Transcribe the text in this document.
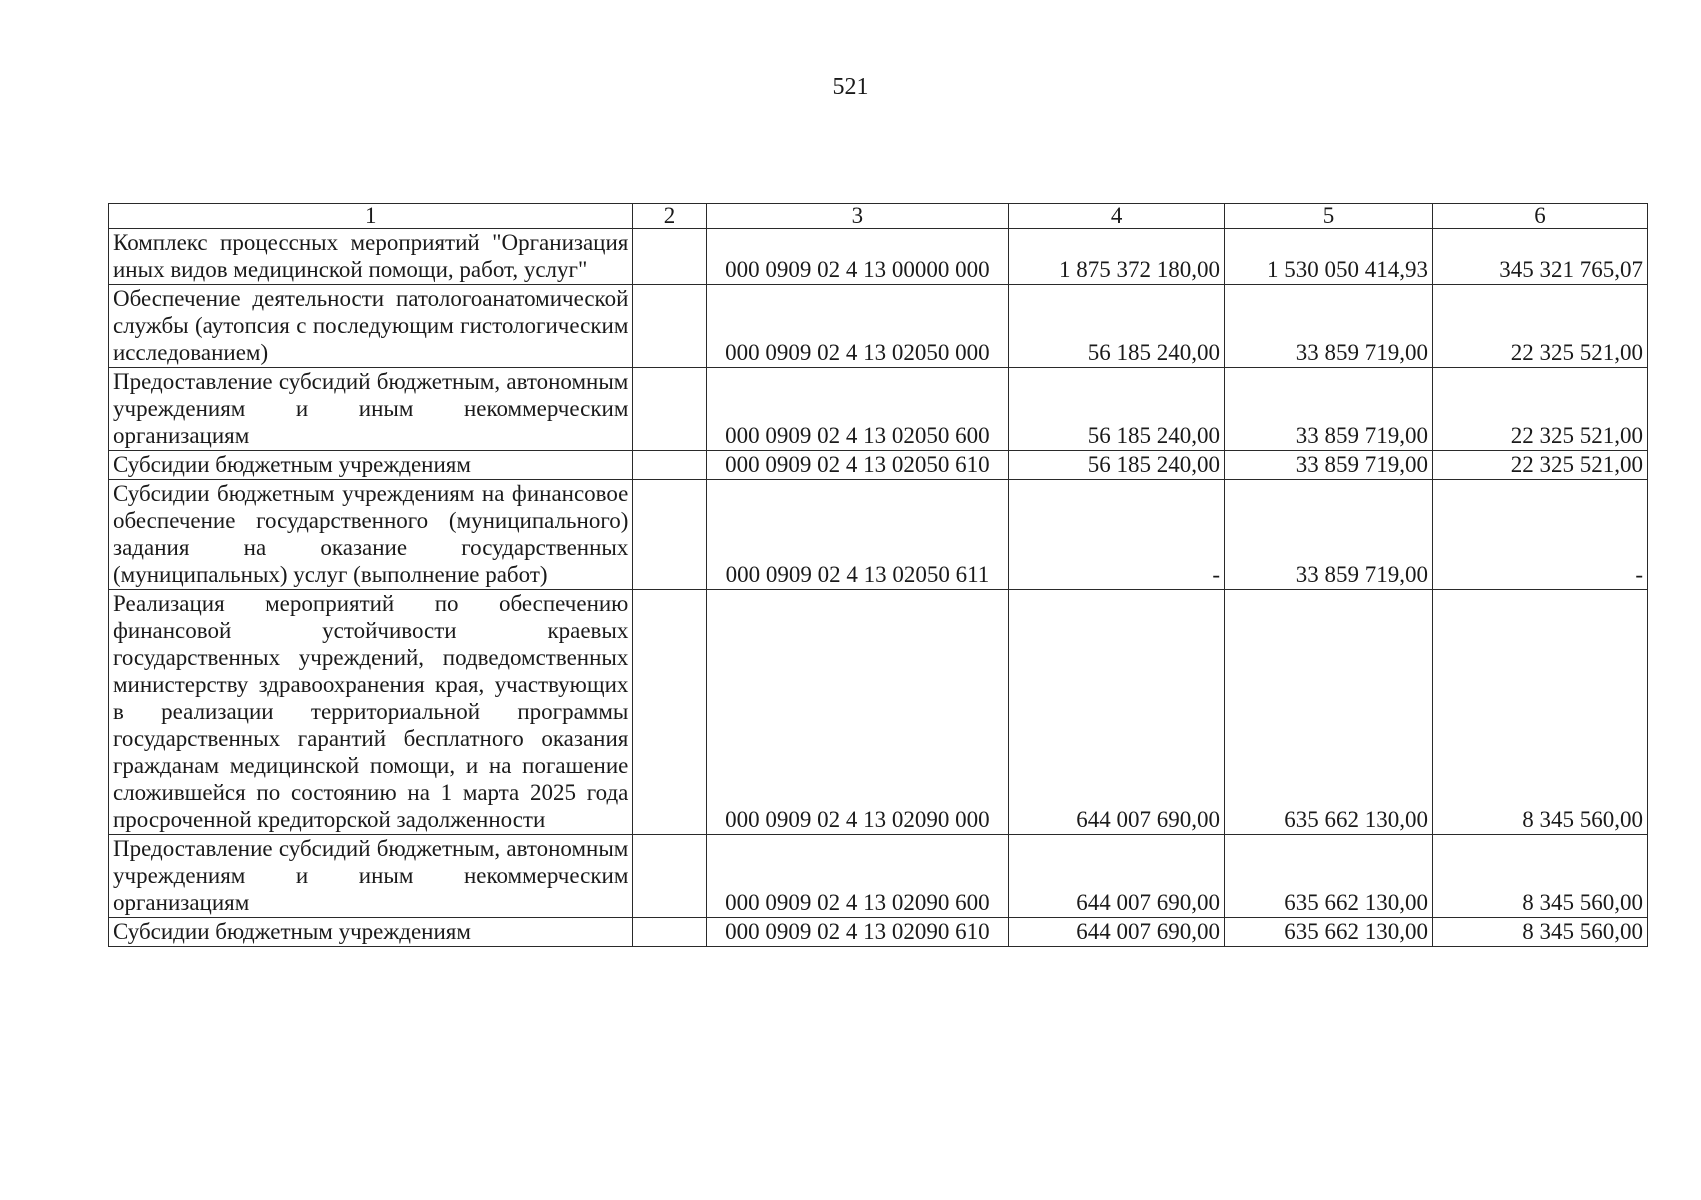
521
1	2	3	4	5	6
Комплекс процессных мероприятий "Организация иных видов медицинской помощи, работ, услуг"		000 0909 02 4 13 00000 000	1 875 372 180,00	1 530 050 414,93	345 321 765,07
Обеспечение деятельности патологоанатомической службы (аутопсия с последующим гистологическим исследованием)		000 0909 02 4 13 02050 000	56 185 240,00	33 859 719,00	22 325 521,00
Предоставление субсидий бюджетным, автономным учреждениям и иным некоммерческим организациям		000 0909 02 4 13 02050 600	56 185 240,00	33 859 719,00	22 325 521,00
Субсидии бюджетным учреждениям		000 0909 02 4 13 02050 610	56 185 240,00	33 859 719,00	22 325 521,00
Субсидии бюджетным учреждениям на финансовое обеспечение государственного (муниципального) задания на оказание государственных (муниципальных) услуг (выполнение работ)		000 0909 02 4 13 02050 611	-	33 859 719,00	-
Реализация мероприятий по обеспечению финансовой устойчивости краевых государственных учреждений, подведомственных министерству здравоохранения края, участвующих в реализации территориальной программы государственных гарантий бесплатного оказания гражданам медицинской помощи, и на погашение сложившейся по состоянию на 1 марта 2025 года просроченной кредиторской задолженности		000 0909 02 4 13 02090 000	644 007 690,00	635 662 130,00	8 345 560,00
Предоставление субсидий бюджетным, автономным учреждениям и иным некоммерческим организациям		000 0909 02 4 13 02090 600	644 007 690,00	635 662 130,00	8 345 560,00
Субсидии бюджетным учреждениям		000 0909 02 4 13 02090 610	644 007 690,00	635 662 130,00	8 345 560,00
